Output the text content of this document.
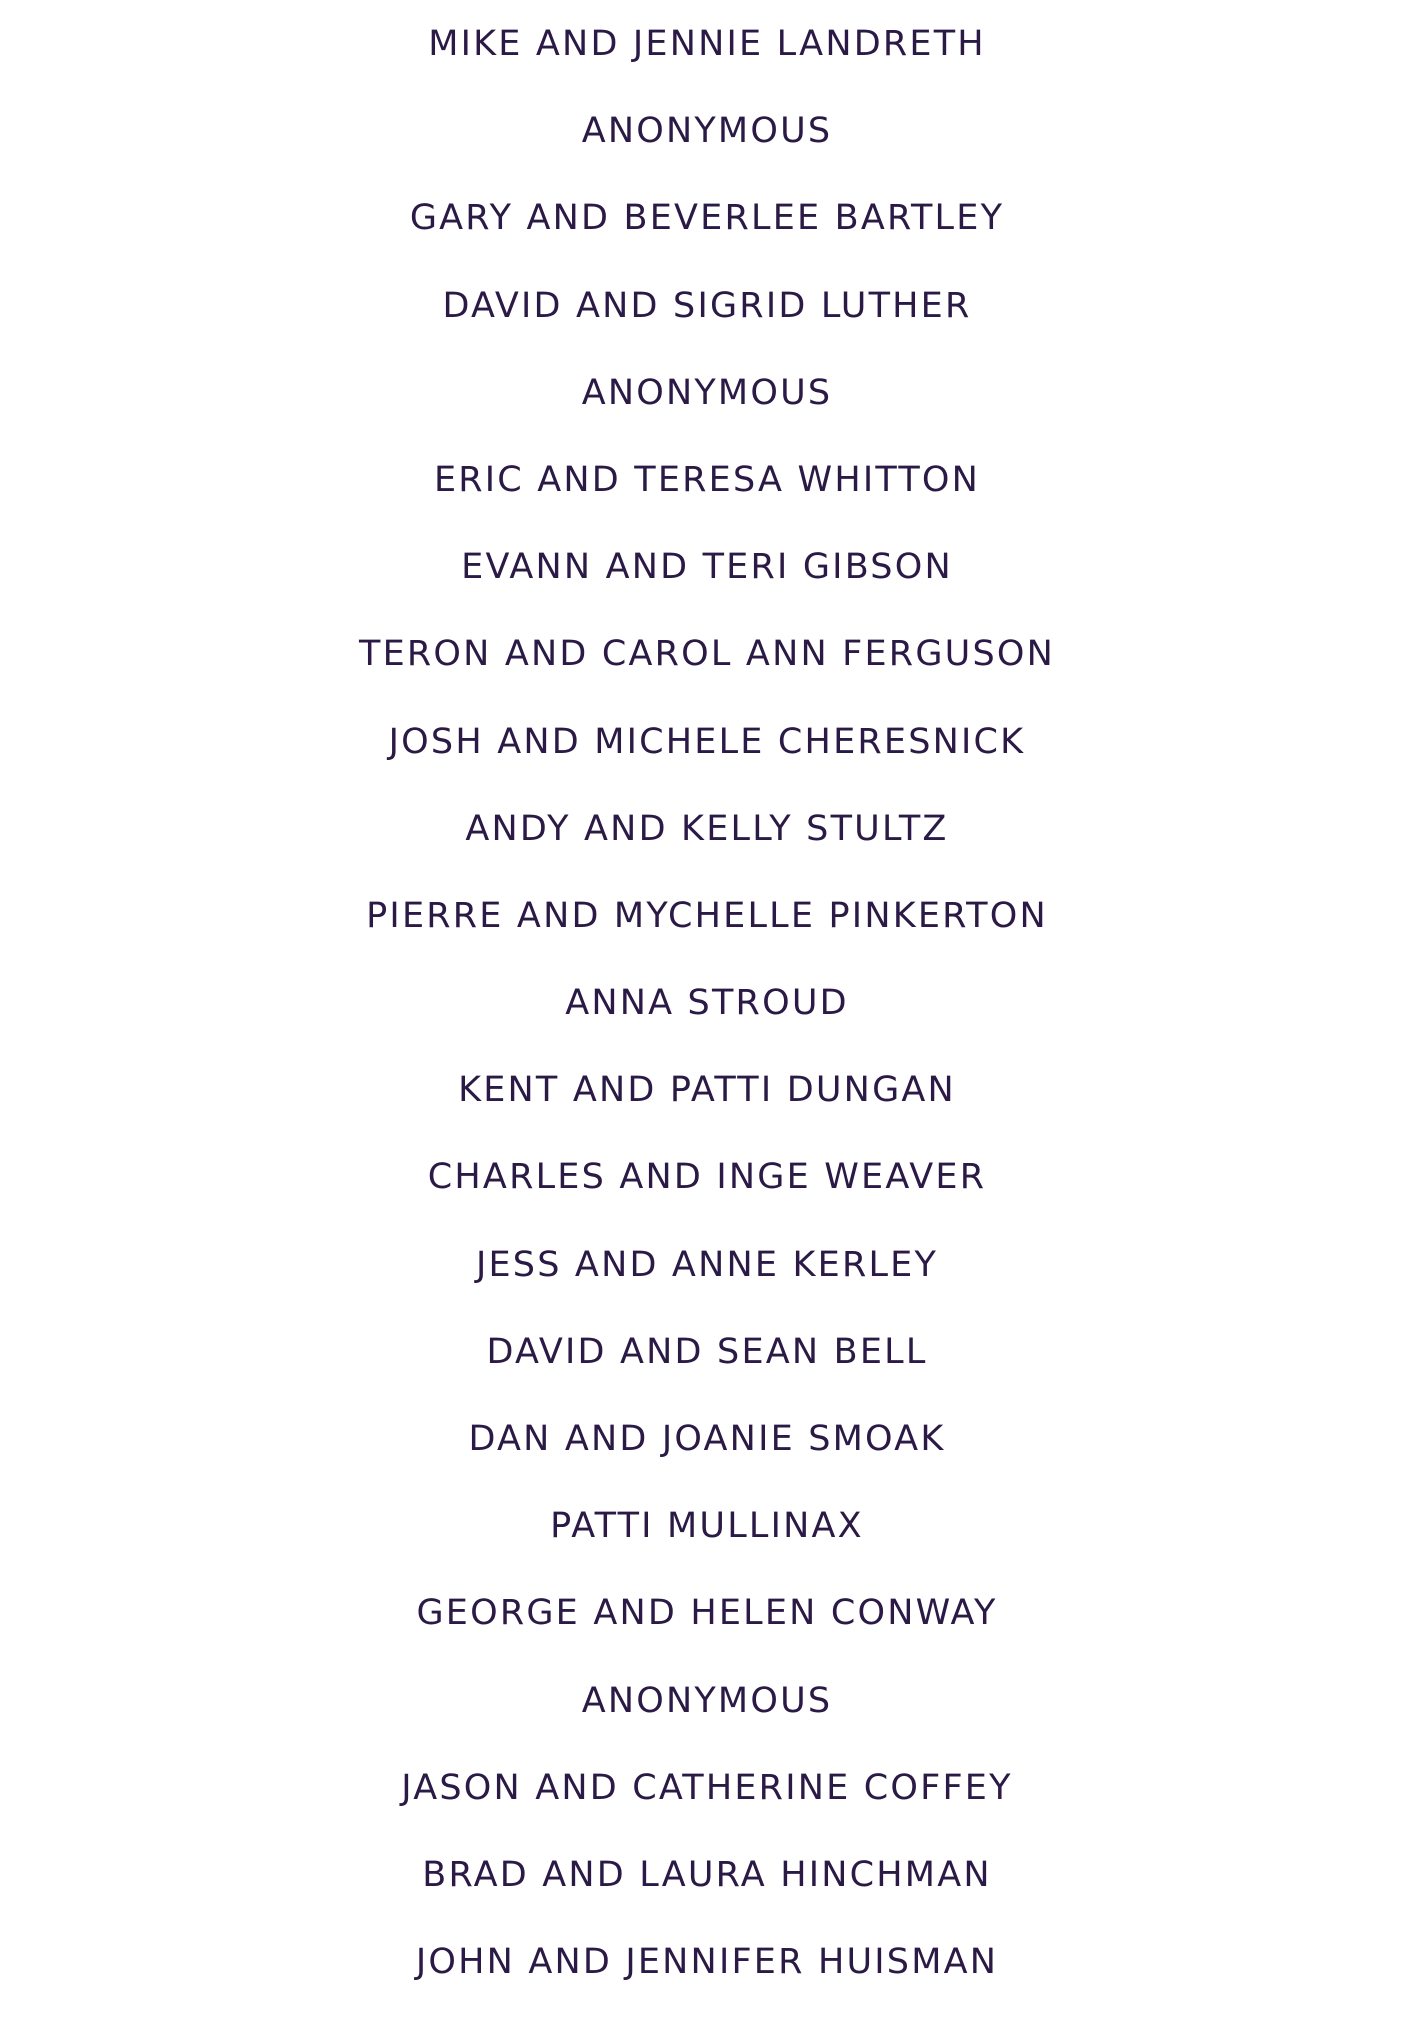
MIKE AND JENNIE LANDRETH
ANONYMOUS
GARY AND BEVERLEE BARTLEY
DAVID AND SIGRID LUTHER
ANONYMOUS
ERIC AND TERESA WHITTON
EVANN AND TERI GIBSON
TERON AND CAROL ANN FERGUSON
JOSH AND MICHELE CHERESNICK
ANDY AND KELLY STULTZ
PIERRE AND MYCHELLE PINKERTON
ANNA STROUD
KENT AND PATTI DUNGAN
CHARLES AND INGE WEAVER
JESS AND ANNE KERLEY
DAVID AND SEAN BELL
DAN AND JOANIE SMOAK
PATTI MULLINAX
GEORGE AND HELEN CONWAY
ANONYMOUS
JASON AND CATHERINE COFFEY
BRAD AND LAURA HINCHMAN
JOHN AND JENNIFER HUISMAN
